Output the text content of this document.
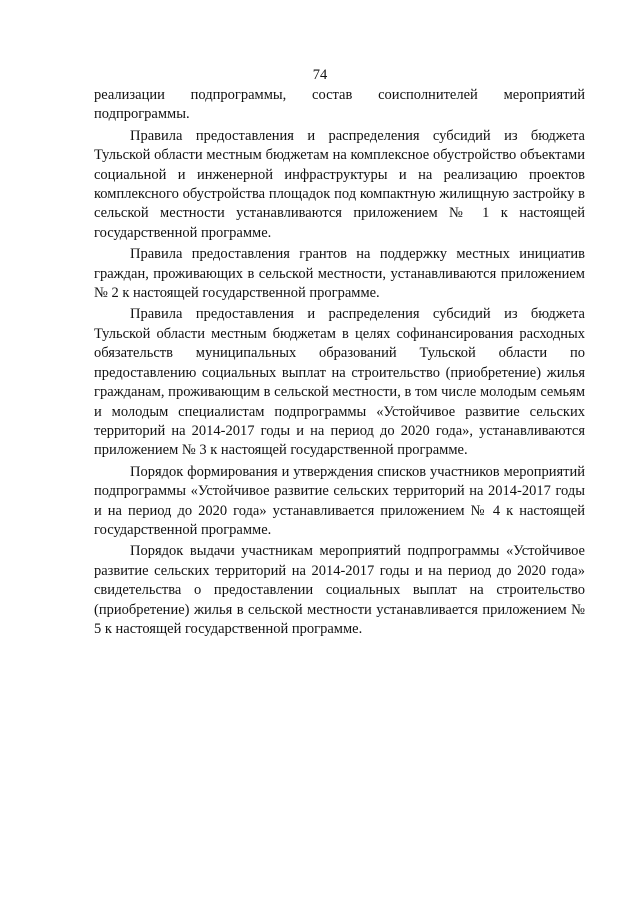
74

реализации подпрограммы, состав соисполнителей мероприятий подпрограммы.

Правила предоставления и распределения субсидий из бюджета Тульской области местным бюджетам на комплексное обустройство объектами социальной и инженерной инфраструктуры и на реализацию проектов комплексного обустройства площадок под компактную жилищную застройку в сельской местности устанавливаются приложением № 1 к настоящей государственной программе.

Правила предоставления грантов на поддержку местных инициатив граждан, проживающих в сельской местности, устанавливаются приложением № 2 к настоящей государственной программе.

Правила предоставления и распределения субсидий из бюджета Тульской области местным бюджетам в целях софинансирования расходных обязательств муниципальных образований Тульской области по предоставлению социальных выплат на строительство (приобретение) жилья гражданам, проживающим в сельской местности, в том числе молодым семьям и молодым специалистам подпрограммы «Устойчивое развитие сельских территорий на 2014-2017 годы и на период до 2020 года», устанавливаются приложением № 3 к настоящей государственной программе.

Порядок формирования и утверждения списков участников мероприятий подпрограммы «Устойчивое развитие сельских территорий на 2014-2017 годы и на период до 2020 года» устанавливается приложением № 4 к настоящей государственной программе.

Порядок выдачи участникам мероприятий подпрограммы «Устойчивое развитие сельских территорий на 2014-2017 годы и на период до 2020 года» свидетельства о предоставлении социальных выплат на строительство (приобретение) жилья в сельской местности устанавливается приложением № 5 к настоящей государственной программе.
